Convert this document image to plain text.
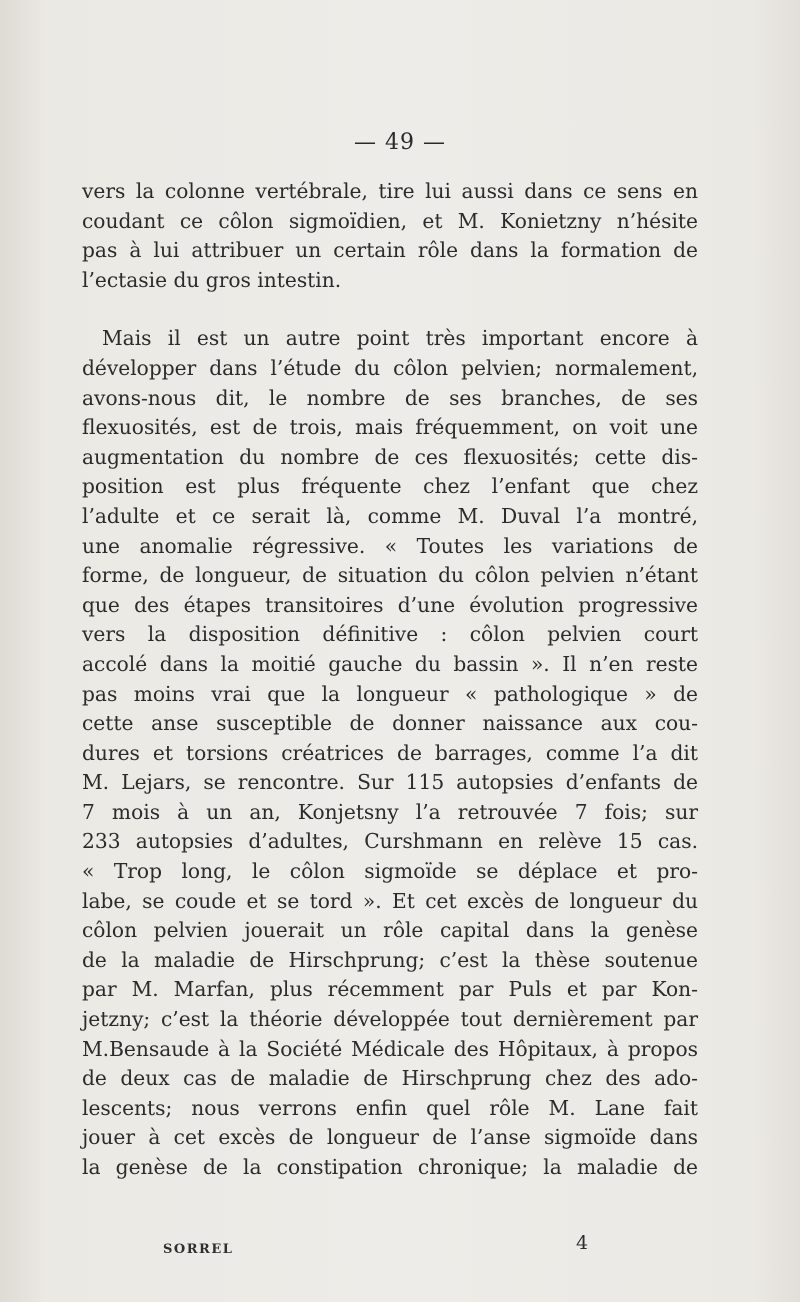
— 49 —
vers la colonne vertébrale, tire lui aussi dans ce sens en
coudant ce côlon sigmoïdien, et M. Konietzny n’hésite
pas à lui attribuer un certain rôle dans la formation de
l’ectasie du gros intestin.
Mais il est un autre point très important encore à
développer dans l’étude du côlon pelvien; normalement,
avons-nous dit, le nombre de ses branches, de ses
flexuosités, est de trois, mais fréquemment, on voit une
augmentation du nombre de ces flexuosités; cette dis-
position est plus fréquente chez l’enfant que chez
l’adulte et ce serait là, comme M. Duval l’a montré,
une anomalie régressive. « Toutes les variations de
forme, de longueur, de situation du côlon pelvien n’étant
que des étapes transitoires d’une évolution progressive
vers la disposition définitive : côlon pelvien court
accolé dans la moitié gauche du bassin ». Il n’en reste
pas moins vrai que la longueur « pathologique » de
cette anse susceptible de donner naissance aux cou-
dures et torsions créatrices de barrages, comme l’a dit
M. Lejars, se rencontre. Sur 115 autopsies d’enfants de
7 mois à un an, Konjetsny l’a retrouvée 7 fois; sur
233 autopsies d’adultes, Curshmann en relève 15 cas.
« Trop long, le côlon sigmoïde se déplace et pro-
labe, se coude et se tord ». Et cet excès de longueur du
côlon pelvien jouerait un rôle capital dans la genèse
de la maladie de Hirschprung; c’est la thèse soutenue
par M. Marfan, plus récemment par Puls et par Kon-
jetzny; c’est la théorie développée tout dernièrement par
M.Bensaude à la Société Médicale des Hôpitaux, à propos
de deux cas de maladie de Hirschprung chez des ado-
lescents; nous verrons enfin quel rôle M. Lane fait
jouer à cet excès de longueur de l’anse sigmoïde dans
la genèse de la constipation chronique; la maladie de
SORREL	4
